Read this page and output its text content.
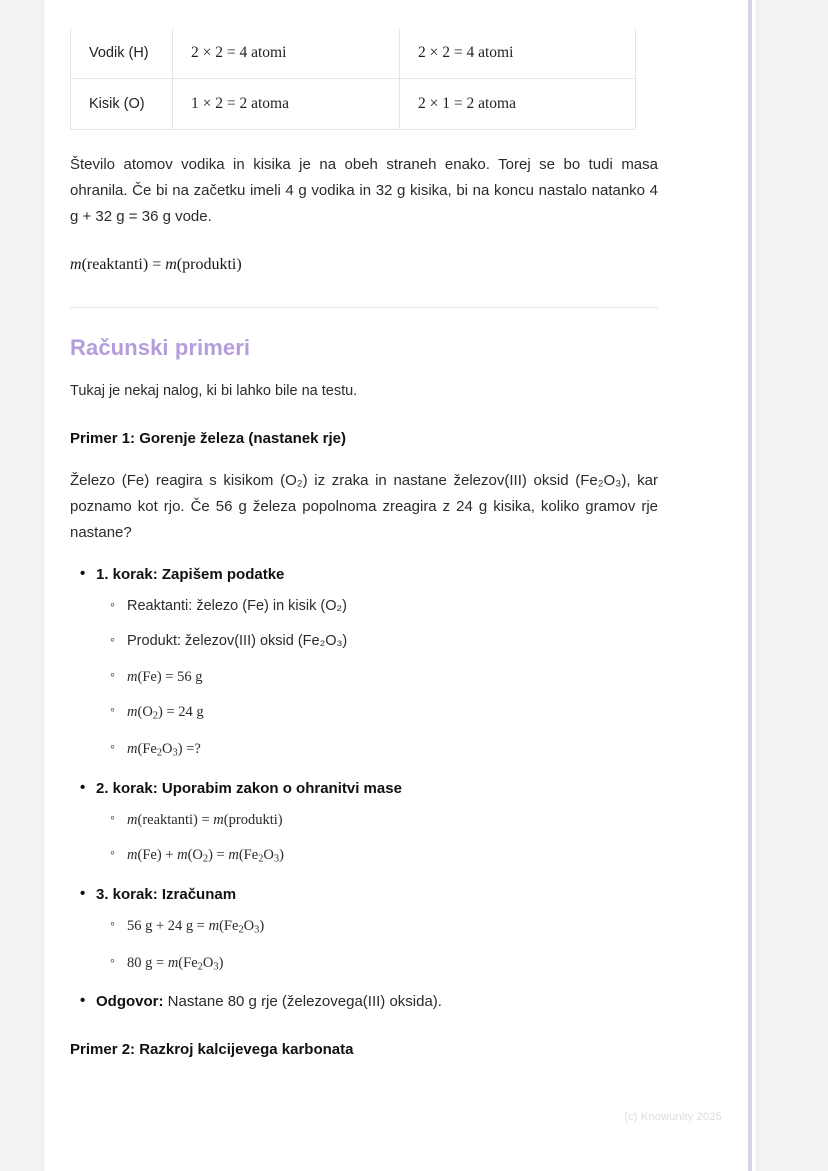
Vodik (H)	2 × 2 = 4 atomi	2 × 2 = 4 atomi
Kisik (O)	1 × 2 = 2 atoma	2 × 1 = 2 atoma

Število atomov vodika in kisika je na obeh straneh enako. Torej se bo tudi masa ohranila. Če bi na začetku imeli 4 g vodika in 32 g kisika, bi na koncu nastalo natanko 4 g + 32 g = 36 g vode.

m(reaktanti) = m(produkti)

Računski primeri

Tukaj je nekaj nalog, ki bi lahko bile na testu.

Primer 1: Gorenje železa (nastanek rje)

Železo (Fe) reagira s kisikom (O₂) iz zraka in nastane železov(III) oksid (Fe₂O₃), kar poznamo kot rjo. Če 56 g železa popolnoma zreagira z 24 g kisika, koliko gramov rje nastane?

• 1. korak: Zapišem podatke
◦ Reaktanti: železo (Fe) in kisik (O₂)
◦ Produkt: železov(III) oksid (Fe₂O₃)
◦ m(Fe) = 56 g
◦ $m(O_2) = 24$ g
◦ $m(Fe_2O_3)$ =?
• 2. korak: Uporabim zakon o ohranitvi mase
◦ m(reaktanti) = m(produkti)
◦ $m(Fe) + m(O_2) = m(Fe_2O_3)$
• 3. korak: Izračunam
◦ 56 g + 24 $g = m(Fe_2O_3)$
◦ 80 $g = m(Fe_2O_3)$
• Odgovor: Nastane 80 g rje (železovega(III) oksida).
Primer 2: Razkroj kalcijevega karbonata
(c) Knowunity 2025
